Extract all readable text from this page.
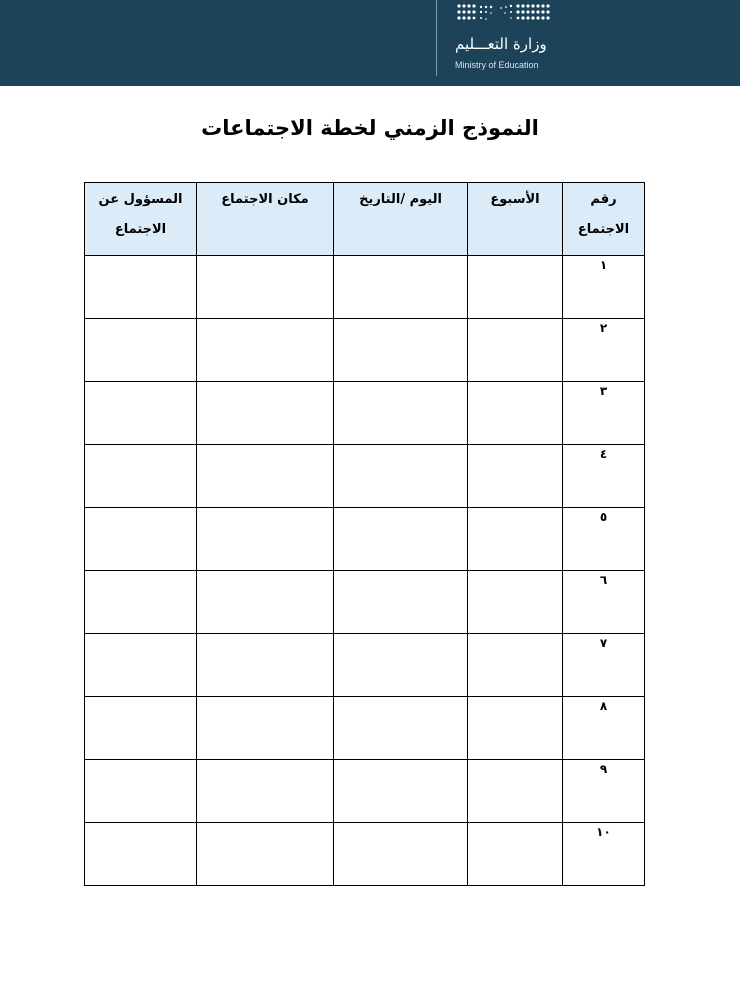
وزارة التعـــليم
Ministry of Education
النموذج الزمني لخطة الاجتماعات
رقم الاجتماع	الأسبوع	اليوم /التاريخ	مكان الاجتماع	المسؤول عن الاجتماع
١				
٢				
٣				
٤				
٥				
٦				
٧				
٨				
٩				
١٠				
